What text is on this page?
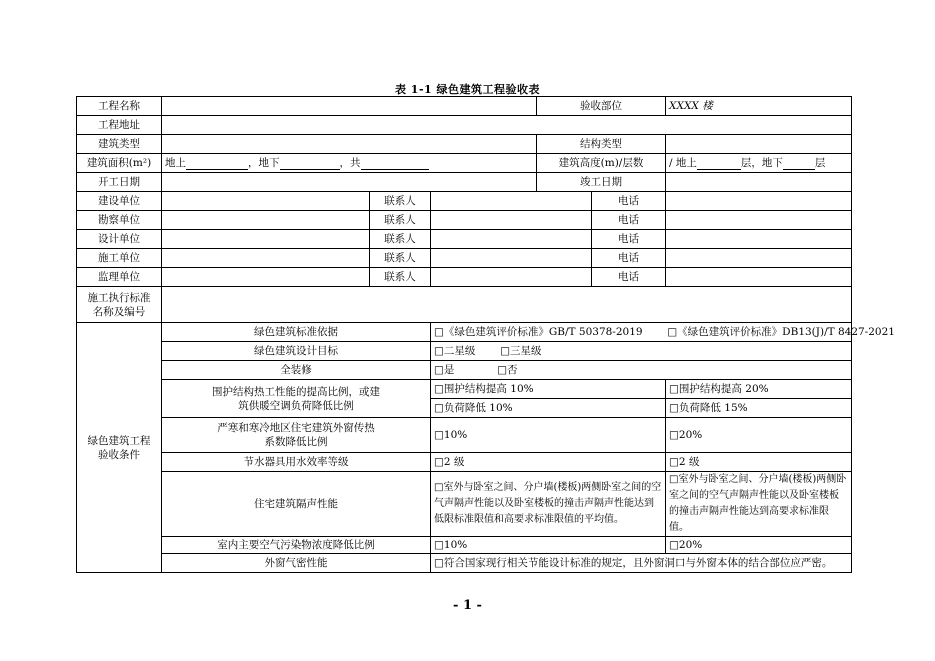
表 1-1 绿色建筑工程验收表
工程名称				验收部位		XXXX 楼
工程地址						
建筑类型				结构类型		
建筑面积(m²)	地上 ，地下 ，共			建筑高度(m)/层数		/ 地上 层，地下 层
开工日期				竣工日期		
建设单位		联系人			电话	
勘察单位		联系人			电话	
设计单位		联系人			电话	
施工单位		联系人			电话	
监理单位		联系人			电话	

施工执行标准
名称及编号						

绿色建筑工程
验收条件	绿色建筑标准依据		□《绿色建筑评价标准》GB/T 50378-2019 □《绿色建筑评价标准》DB13(J)/T 8427-2021			
	绿色建筑设计目标		□二星级 □三星级			
	全装修		□是 □否			

	围护结构热工性能的提高比例，或建
筑供暖空调负荷降低比例		□围护结构提高 10%			□围护结构提高 20%
			□负荷降低 10%			□负荷降低 15%

	严寒和寒冷地区住宅建筑外窗传热
系数降低比例		□10%			□20%
	节水器具用水效率等级		□2 级			□2 级
	住宅建筑隔声性能		□室外与卧室之间、分户墙(楼板)两侧卧室之间的空气声隔声性能以及卧室楼板的撞击声隔声性能达到低限标准限值和高要求标准限值的平均值。			□室外与卧室之间、分户墙(楼板)两侧卧室之间的空气声隔声性能以及卧室楼板的撞击声隔声性能达到高要求标准限值。
	室内主要空气污染物浓度降低比例		□10%			□20%
	外窗气密性能		□符合国家现行相关节能设计标准的规定，且外窗洞口与外窗本体的结合部位应严密。			
- 1 -
